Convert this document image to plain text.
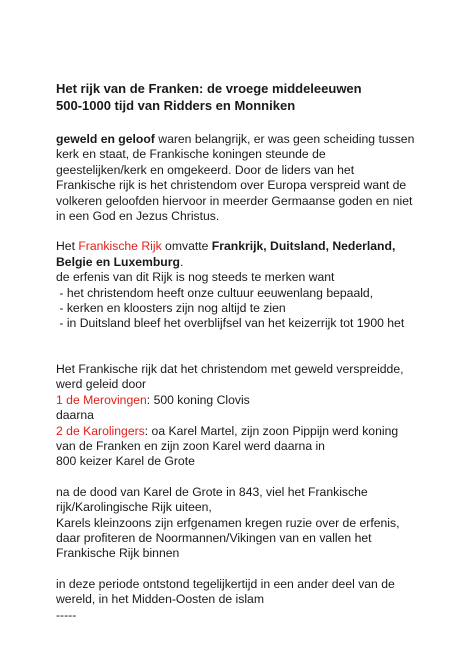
Het rijk van de Franken: de vroege middeleeuwen

500-1000 tijd van Ridders en Monniken

geweld en geloof waren belangrijk, er was geen scheiding tussen kerk en staat, de Frankische koningen steunde de geestelijken/kerk en omgekeerd. Door de liders van het Frankische rijk is het christendom over Europa verspreid want de volkeren geloofden hiervoor in meerder Germaanse goden en niet in een God en Jezus Christus.

Het Frankische Rijk omvatte Frankrijk, Duitsland, Nederland, Belgie en Luxemburg.

de erfenis van dit Rijk is nog steeds te merken want

- het christendom heeft onze cultuur eeuwenlang bepaald,

- kerken en kloosters zijn nog altijd te zien

- in Duitsland bleef het overblijfsel van het keizerrijk tot 1900 het

Het Frankische rijk dat het christendom met geweld verspreidde, werd geleid door

1 de Merovingen: 500 koning Clovis

daarna

2 de Karolingers: oa Karel Martel, zijn zoon Pippijn werd koning van de Franken en zijn zoon Karel werd daarna in

800 keizer Karel de Grote

na de dood van Karel de Grote in 843, viel het Frankische rijk/Karolingische Rijk uiteen,

Karels kleinzoons zijn erfgenamen kregen ruzie over de erfenis, daar profiteren de Noormannen/Vikingen van en vallen het Frankische Rijk binnen

in deze periode ontstond tegelijkertijd in een ander deel van de wereld, in het Midden-Oosten de islam

-----
